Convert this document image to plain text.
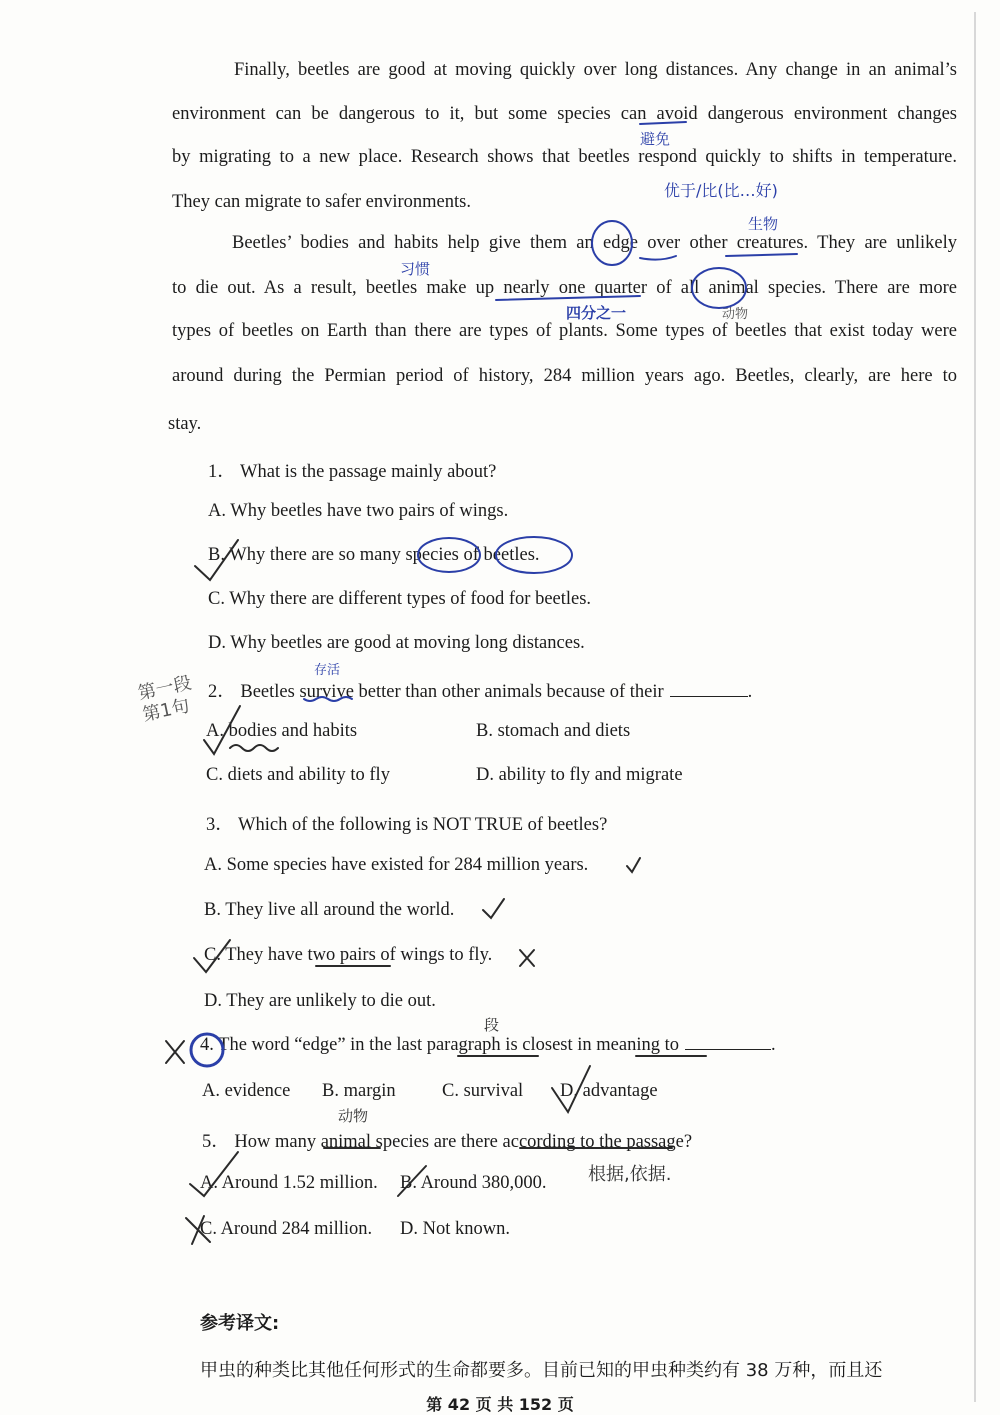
Finally, beetles are good at moving quickly over long distances. Any change in an animal’s
environment can be dangerous to it, but some species can avoid dangerous environment changes
by migrating to a new place. Research shows that beetles respond quickly to shifts in temperature.
They can migrate to safer environments.
Beetles’ bodies and habits help give them an edge over other creatures. They are unlikely
to die out. As a result, beetles make up nearly one quarter of all animal species. There are more
types of beetles on Earth than there are types of plants. Some types of beetles that exist today were
around during the Permian period of history, 284 million years ago. Beetles, clearly, are here to
stay.
1． What is the passage mainly about?
A. Why beetles have two pairs of wings.
B. Why there are so many species of beetles.
C. Why there are different types of food for beetles.
D. Why beetles are good at moving long distances.
2． Beetles survive better than other animals because of their	.
A. bodies and habits	B. stomach and diets
C. diets and ability to fly	D. ability to fly and migrate
3． Which of the following is NOT TRUE of beetles?
A. Some species have existed for 284 million years.
B. They live all around the world.
C. They have two pairs of wings to fly.
D. They are unlikely to die out.
4. The word “edge” in the last paragraph is closest in meaning to	.
A. evidence B. margin	C. survival D. advantage
5． How many animal species are there according to the passage?
A. Around 1.52 million. B. Around 380,000.
C. Around 284 million. D. Not known.
参考译文:
甲虫的种类比其他任何形式的生命都要多。目前已知的甲虫种类约有 38 万种，而且还
第 42 页 共 152 页
避免
优于/比(比…好)
生物
习惯
四分之一	动物
存活
第一段 第1句
段
动物
根据,依据.
